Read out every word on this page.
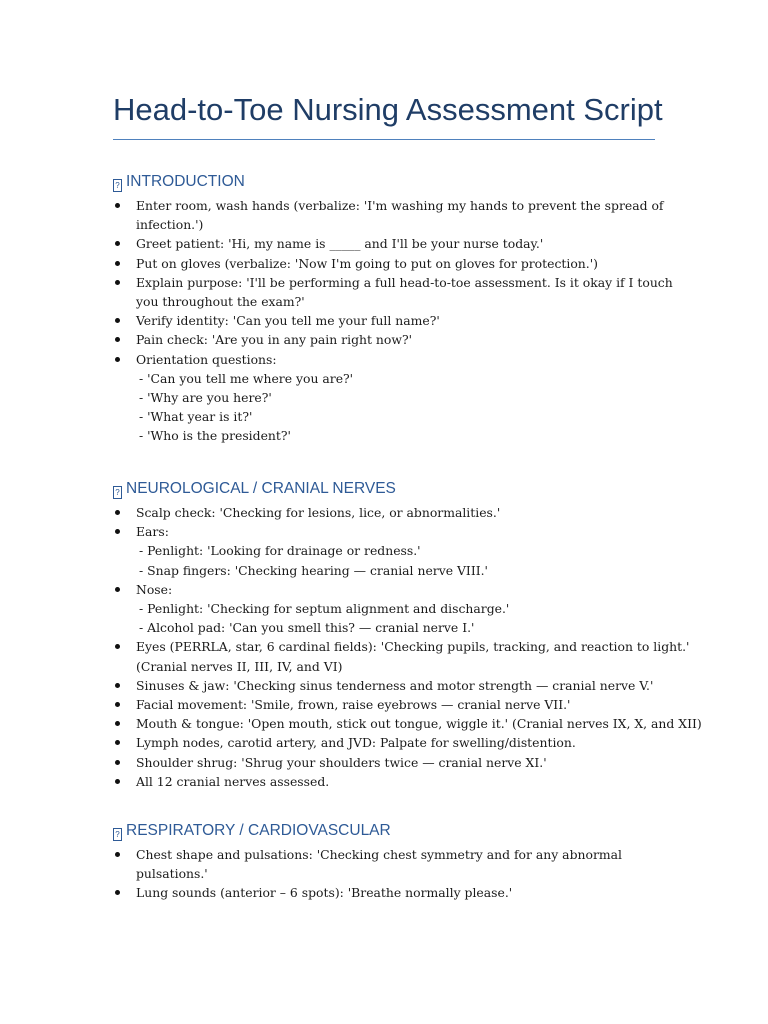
Head-to-Toe Nursing Assessment Script
? INTRODUCTION
Enter room, wash hands (verbalize: 'I'm washing my hands to prevent the spread of
infection.')
Greet patient: 'Hi, my name is _____ and I'll be your nurse today.'
Put on gloves (verbalize: 'Now I'm going to put on gloves for protection.')
Explain purpose: 'I'll be performing a full head-to-toe assessment. Is it okay if I touch
you throughout the exam?'
Verify identity: 'Can you tell me your full name?'
Pain check: 'Are you in any pain right now?'
Orientation questions:
- 'Can you tell me where you are?'
- 'Why are you here?'
- 'What year is it?'
- 'Who is the president?'
? NEUROLOGICAL / CRANIAL NERVES
Scalp check: 'Checking for lesions, lice, or abnormalities.'
Ears:
- Penlight: 'Looking for drainage or redness.'
- Snap fingers: 'Checking hearing — cranial nerve VIII.'
Nose:
- Penlight: 'Checking for septum alignment and discharge.'
- Alcohol pad: 'Can you smell this? — cranial nerve I.'
Eyes (PERRLA, star, 6 cardinal fields): 'Checking pupils, tracking, and reaction to light.'
(Cranial nerves II, III, IV, and VI)
Sinuses & jaw: 'Checking sinus tenderness and motor strength — cranial nerve V.'
Facial movement: 'Smile, frown, raise eyebrows — cranial nerve VII.'
Mouth & tongue: 'Open mouth, stick out tongue, wiggle it.' (Cranial nerves IX, X, and XII)
Lymph nodes, carotid artery, and JVD: Palpate for swelling/distention.
Shoulder shrug: 'Shrug your shoulders twice — cranial nerve XI.'
All 12 cranial nerves assessed.
? RESPIRATORY / CARDIOVASCULAR
Chest shape and pulsations: 'Checking chest symmetry and for any abnormal
pulsations.'
Lung sounds (anterior – 6 spots): 'Breathe normally please.'
